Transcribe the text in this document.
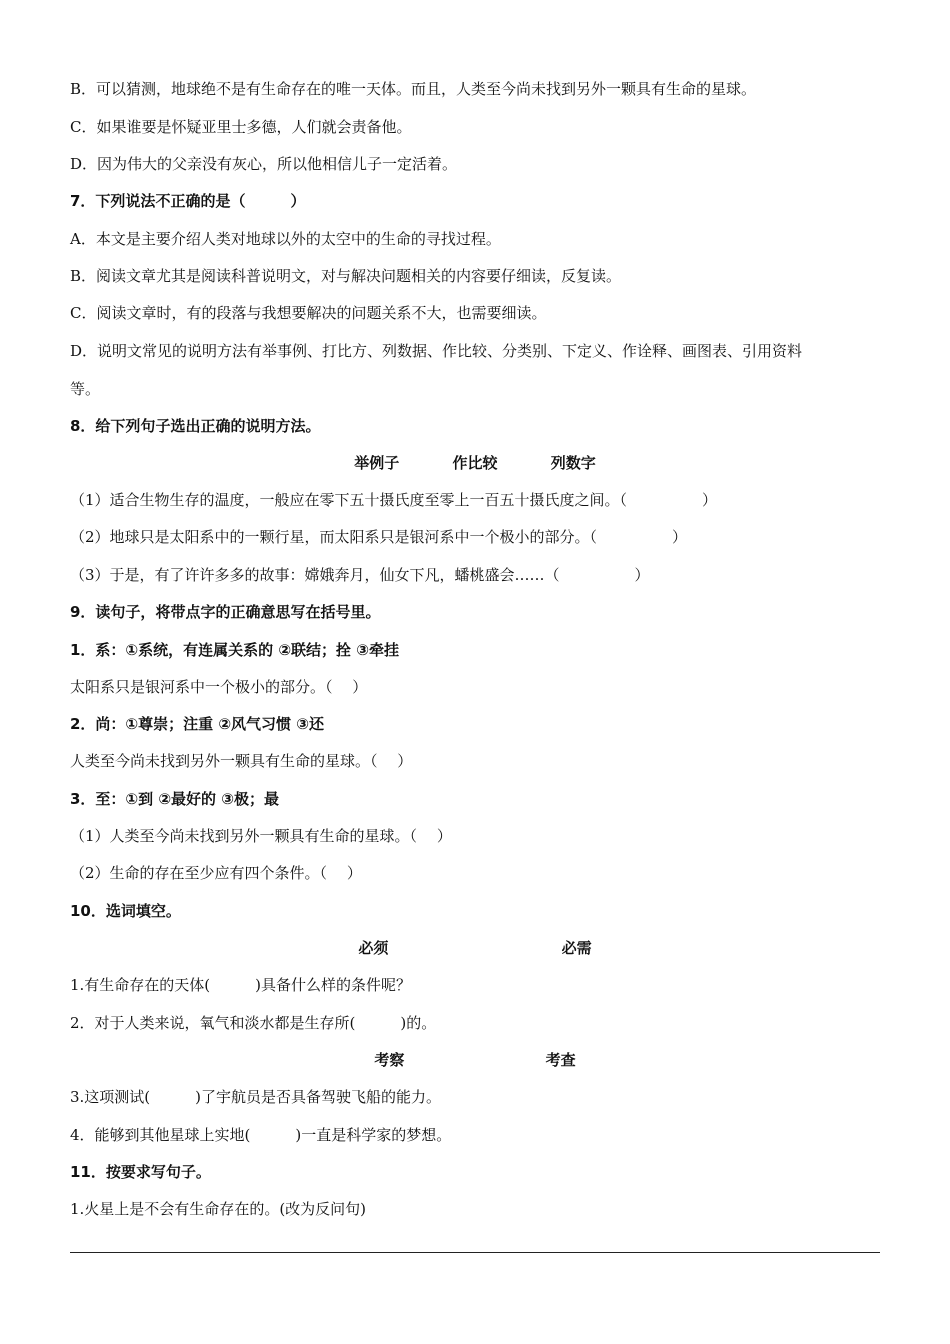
B．可以猜测，地球绝不是有生命存在的唯一天体。而且，人类至今尚未找到另外一颗具有生命的星球。
C．如果谁要是怀疑亚里士多德，人们就会责备他。
D．因为伟大的父亲没有灰心，所以他相信儿子一定活着。
7．下列说法不正确的是（　　　）
A．本文是主要介绍人类对地球以外的太空中的生命的寻找过程。
B．阅读文章尤其是阅读科普说明文，对与解决问题相关的内容要仔细读，反复读。
C．阅读文章时，有的段落与我想要解决的问题关系不大，也需要细读。
D．说明文常见的说明方法有举事例、打比方、列数据、作比较、分类别、下定义、作诠释、画图表、引用资料
等。
8．给下列句子选出正确的说明方法。
举例子	作比较	列数字
（1）适合生物生存的温度，一般应在零下五十摄氏度至零上一百五十摄氏度之间。（　　　　　）
（2）地球只是太阳系中的一颗行星，而太阳系只是银河系中一个极小的部分。（　　　　　）
（3）于是，有了许许多多的故事：嫦娥奔月，仙女下凡，蟠桃盛会……（　　　　　）
9．读句子，将带点字的正确意思写在括号里。
1．系：①系统，有连属关系的 ②联结；拴 ③牵挂
太阳系只是银河系中一个极小的部分。（　 ）
2．尚：①尊崇；注重 ②风气习惯 ③还
人类至今尚未找到另外一颗具有生命的星球。（　 ）
3．至：①到 ②最好的 ③极；最
（1）人类至今尚未找到另外一颗具有生命的星球。（　 ）
（2）生命的存在至少应有四个条件。（　 ）
10．选词填空。
必须	必需
1.有生命存在的天体(　　　)具备什么样的条件呢？
2．对于人类来说，氧气和淡水都是生存所(　　　)的。
考察	考查
3.这项测试(　　　)了宇航员是否具备驾驶飞船的能力。
4．能够到其他星球上实地(　　　)一直是科学家的梦想。
11．按要求写句子。
1.火星上是不会有生命存在的。(改为反问句)
